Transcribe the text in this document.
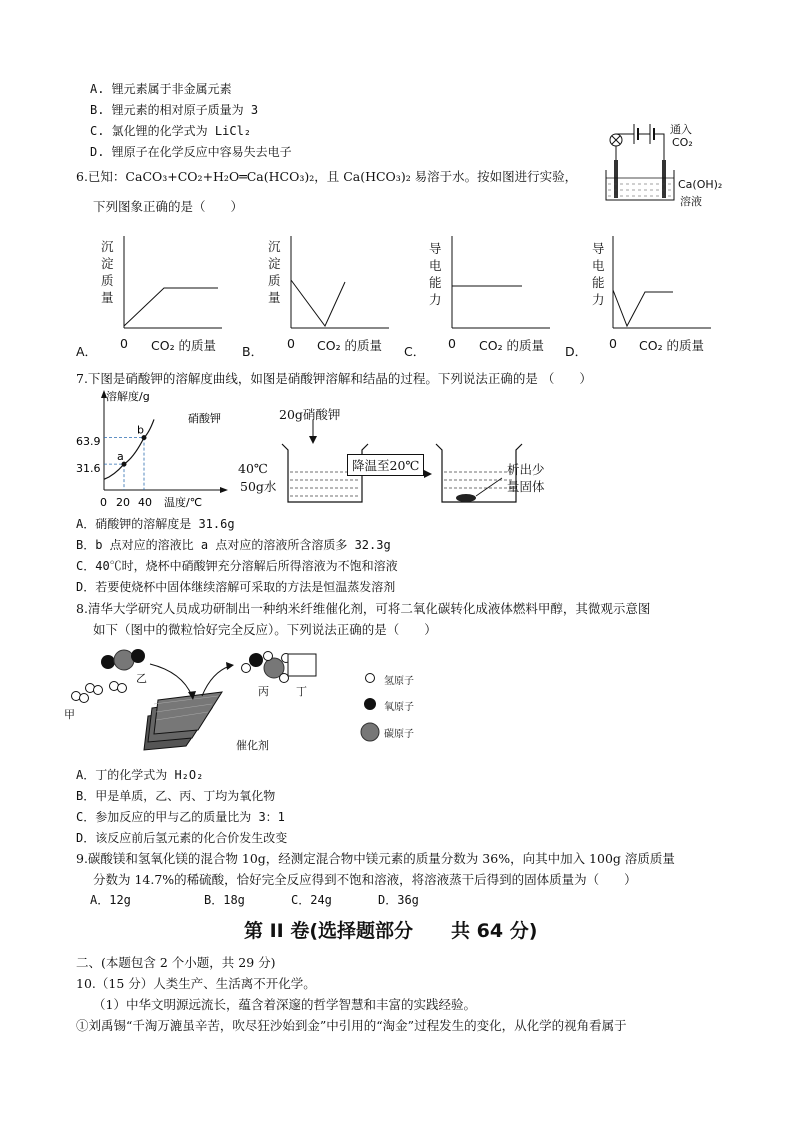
A. 锂元素属于非金属元素
B. 锂元素的相对原子质量为 3
C. 氯化锂的化学式为 LiCl₂
D. 锂原子在化学反应中容易失去电子
通入
CO₂
Ca(OH)₂
溶液
6.已知：CaCO₃+CO₂+H₂O═Ca(HCO₃)₂，且 Ca(HCO₃)₂ 易溶于水。按如图进行实验，
下列图象正确的是（　　）
沉
淀
质
量
0 CO₂ 的质量
A．
沉
淀
质
量
0 CO₂ 的质量
B．
导
电
能
力
0 CO₂ 的质量
C．
导
电
能
力
0 CO₂ 的质量
D．
7.下图是硝酸钾的溶解度曲线，如图是硝酸钾溶解和结晶的过程。下列说法正确的是 （　　）
a
b
溶解度/g
硝酸钾
63.9
31.6
0 20 40 温度/℃
20g硝酸钾
40℃
50g水
降温至20℃	析出少
量固体
A．硝酸钾的溶解度是 31.6g
B．b 点对应的溶液比 a 点对应的溶液所含溶质多 32.3g
C．40℃时，烧杯中硝酸钾充分溶解后所得溶液为不饱和溶液
D．若要使烧杯中固体继续溶解可采取的方法是恒温蒸发溶剂
8.清华大学研究人员成功研制出一种纳米纤维催化剂，可将二氧化碳转化成液体燃料甲醇，其微观示意图
如下（图中的微粒恰好完全反应）。下列说法正确的是（　　）
甲
乙
丙 丁
催化剂
氢原子
氧原子
碳原子
A．丁的化学式为 H₂O₂
B．甲是单质，乙、丙、丁均为氧化物
C．参加反应的甲与乙的质量比为 3：1
D．该反应前后氢元素的化合价发生改变
9.碳酸镁和氢氧化镁的混合物 10g，经测定混合物中镁元素的质量分数为 36%，向其中加入 100g 溶质质量
分数为 14.7%的稀硫酸，恰好完全反应得到不饱和溶液，将溶液蒸干后得到的固体质量为（　　）
A．12g	B．18g	C．24g	D．36g
第 II 卷(选择题部分　　共 64 分)
二、(本题包含 2 个小题，共 29 分)
10.（15 分）人类生产、生活离不开化学。
（1）中华文明源远流长，蕴含着深邃的哲学智慧和丰富的实践经验。
①刘禹锡“千淘万漉虽辛苦，吹尽狂沙始到金”中引用的“淘金”过程发生的变化，从化学的视角看属于
